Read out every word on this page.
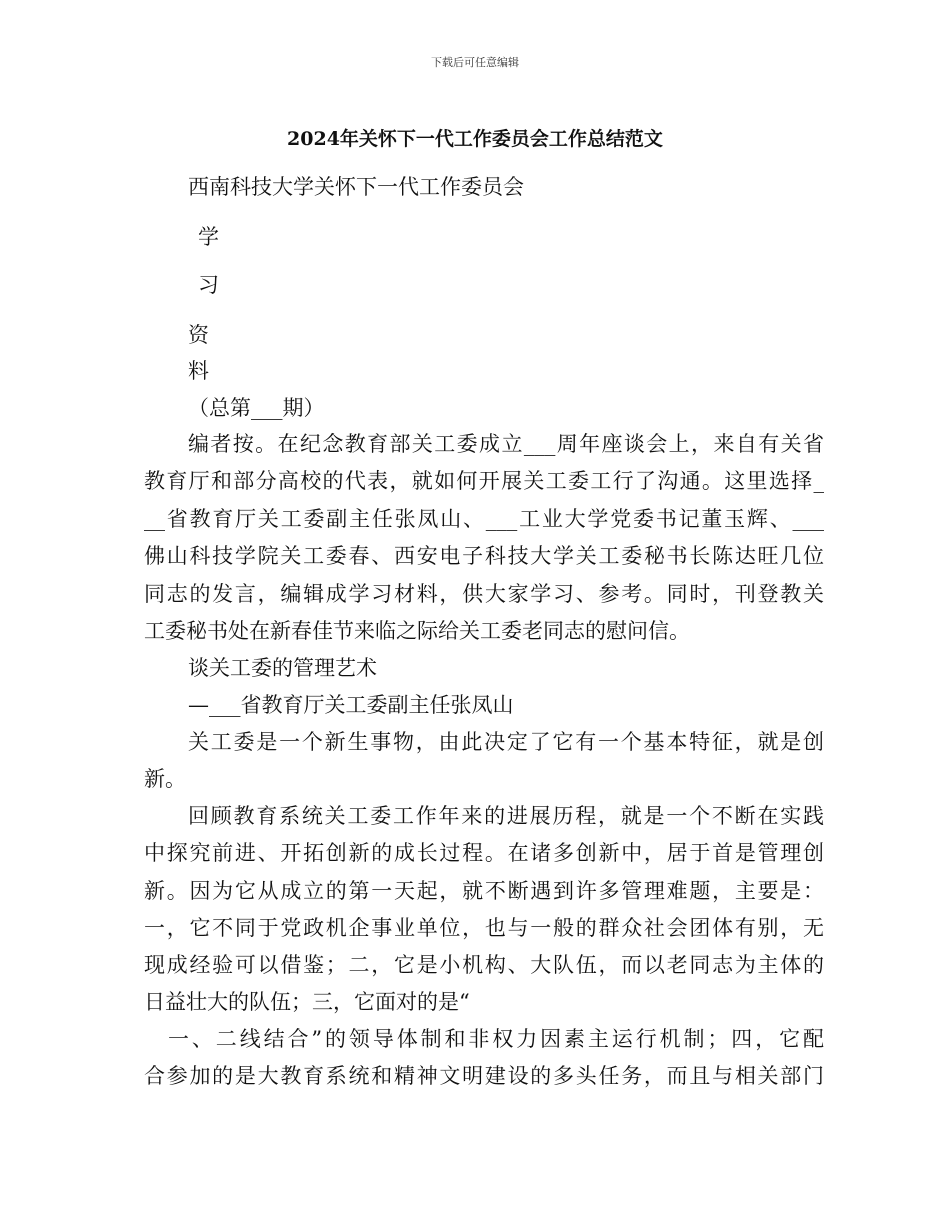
下载后可任意编辑
2024年关怀下一代工作委员会工作总结范文
西南科技大学关怀下一代工作委员会
学
习
资
料
（总第___期）
编者按。在纪念教育部关工委成立___周年座谈会上，来自有关省
教育厅和部分高校的代表，就如何开展关工委工行了沟通。这里选择_
__省教育厅关工委副主任张凤山、___工业大学党委书记董玉辉、___
佛山科技学院关工委春、西安电子科技大学关工委秘书长陈达旺几位
同志的发言，编辑成学习材料，供大家学习、参考。同时，刊登教关
工委秘书处在新春佳节来临之际给关工委老同志的慰问信。
谈关工委的管理艺术
—___省教育厅关工委副主任张凤山
关工委是一个新生事物，由此决定了它有一个基本特征，就是创
新。
回顾教育系统关工委工作年来的进展历程，就是一个不断在实践
中探究前进、开拓创新的成长过程。在诸多创新中，居于首是管理创
新。因为它从成立的第一天起，就不断遇到许多管理难题，主要是：
一，它不同于党政机企事业单位，也与一般的群众社会团体有别，无
现成经验可以借鉴；二，它是小机构、大队伍，而以老同志为主体的
日益壮大的队伍；三，它面对的是“
一、二线结合”的领导体制和非权力因素主运行机制；四，它配
合参加的是大教育系统和精神文明建设的多头任务，而且与相关部门
